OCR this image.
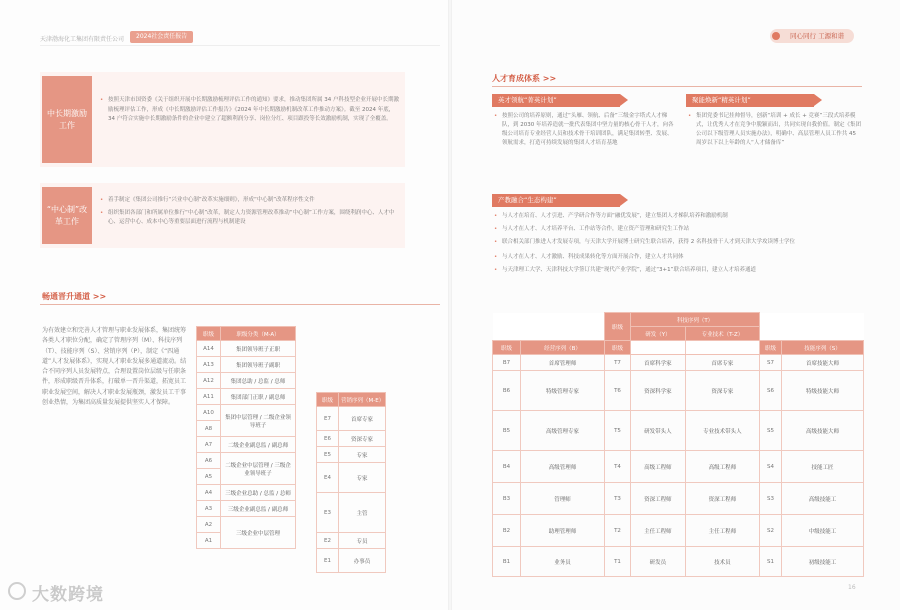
天津渤海化工集团有限责任公司	2024社会责任报告	同心同行 工源和谐
中长期激励工作

• 按照天津市国资委《关于组织开展中长期激励梳理评估工作的通知》要求，推动集团所属 34 户科技型企业开展中长期激励梳理评估工作，形成《中长期激励评估工作报告》《2024 年中长期激励机制改革工作推动方案》。截至 2024 年底，34 户符合实施中长期激励条件的企业中建立了超额利润分享、岗位分红、项目跟投等长效激励机制，实现了全覆盖。

“中心制”改革工作

• 着手制定《集团公司推行“兴业中心制”改革实施细则》，形成“中心制”改革程序性文件

• 组织集团各部门和所属单位推行“中心制”改革，制定人力资源管理改革推动“中心制”工作方案，围绕利润中心、人才中心、运营中心、成本中心等重要层面进行流程与机制建设

畅通晋升通道 >>
人才育成体系 >>
英才领航“菁英计划”

• 按照公司的培养原则，通过“头雁、领航、后备”三级金字塔式人才梯队，到 2030 年培养造就一批代表集团中坚力量的核心骨干人才，向各级公司培育专业经营人员和技术骨干培训团队，满足集团转型、发展、领航需求，打造可持续发展的集团人才培育基地

聚能焕新“精英计划”

• 集团党委书记挂帅督导，创新“培训 + 成长 + 竞赛”三段式培养模式，让优秀人才在竞争中脱颖而出，共同实现自我价值。制定《集团公司以下级管理人员实施办法》，明确中、高层管理人员工作共 45 周岁以下以上年龄的人“人才储备库”

产教融合“生态构建”

• 与人才在培育、人才引进、产学研合作等方面“融优发展”，建立集团人才梯队培养和激励机制

• 与人才在人才、人才培养平台、工作站等合作，建立资产管理和研究生工作站

• 联合相关部门推进人才发展专项，与天津大学开展博士研究生联合培养，获得 2 名科技骨干人才到天津大学攻读博士学位

• 与人才在人才、人才激励、科技成果转化等方面开展合作，建立人才共同体

• 与天津理工大学、天津科技大学签订共建“现代产业学院”，通过“3+1”联合培养项目，建立人才培养通道

为有效建立和完善人才管理与职业发展体系，集团统筹各类人才职位分配，确定了管理序列（M）、科技序列（T）、技能序列（S）、营销序列（P），制定《“四通道”人才发展体系》，实现人才职业发展多通道流动。结合不同序列人员发展特点，合理设置岗位层级与任职条件，形成职级晋升体系，打破单一晋升渠道，拓宽员工职业发展空间，解决人才职业发展瓶颈，激发员工干事创业热情，为集团高质量发展提供坚实人才保障。
职级	职级分类（M-A）
A14	集团领导班子正职
A13	集团领导班子副职
A12	集团总助 / 总监 / 总师
A11	集团部门正职 / 副总师
A10	集团中层管理 / 二级企业领导班子
A8	
A7	二级企业副总监 / 副总师
A6	二级企业中层管理 / 三级企业领导班子
A5	
A4	三级企业总助 / 总监 / 总师
A3	三级企业副总监 / 副总师
A2	三级企业中层管理
A1	
职级	营销序列（M-E）
E7	首席专家
E6	资深专家
E5	专家
E4	专家
E3	主管
E2	专员
E1	办事员
		职级	科技序列（T）			
			研发（Y）	专业技术（T-Z）		
职级	经营序列（B）	职级			职级	技能序列（S）
B7	首席管理师	T7	首席科学家	首席专家	S7	首席技能大师
B6	特级管理专家	T6	资深科学家	资深专家	S6	特级技能大师
B5	高级管理专家	T5	研发带头人	专业技术带头人	S5	高级技能大师
B4	高级管理师	T4	高级工程师	高级工程师	S4	技能工匠
B3	管理师	T3	资深工程师	资深工程师	S3	高级技能工
B2	助理管理师	T2	主任工程师	主任工程师	S2	中级技能工
B1	业务员	T1	研发员	技术员	S1	初级技能工
大数跨境	16
